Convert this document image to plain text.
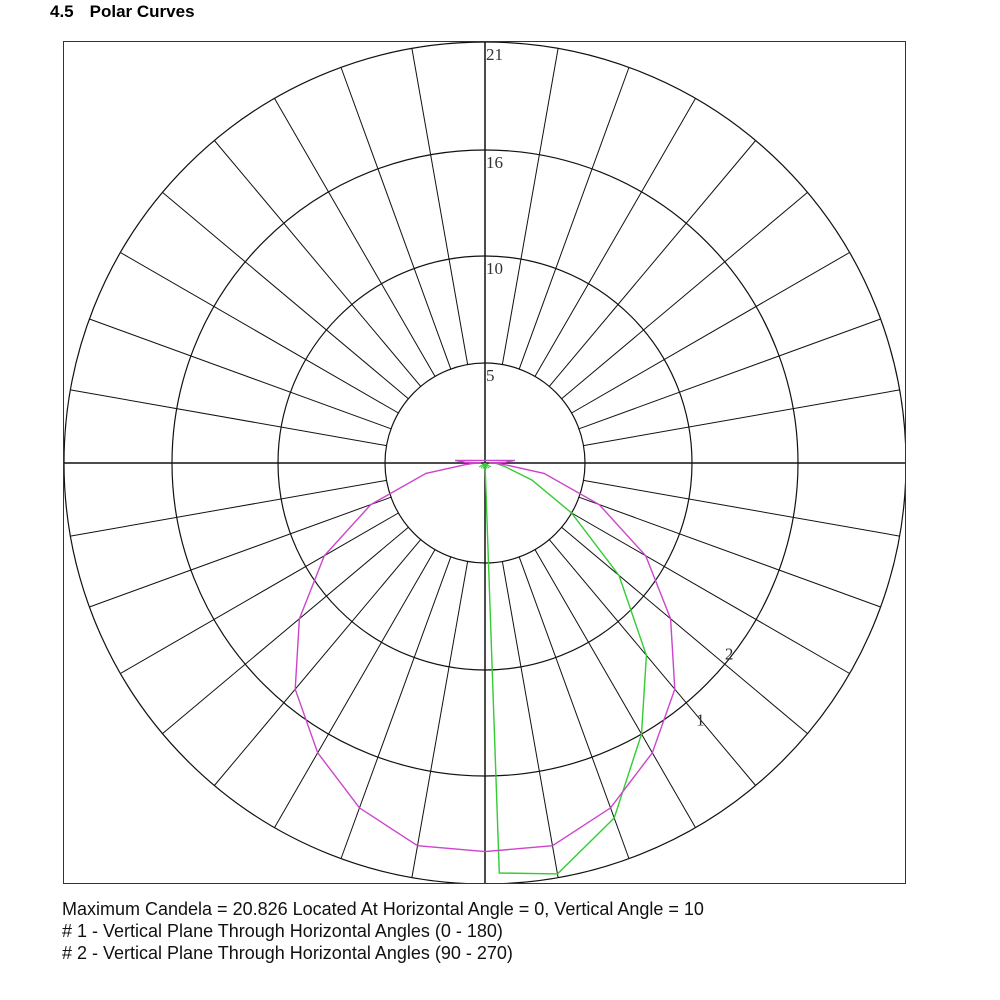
4.5 Polar Curves
5
10
16
21
1
2
Maximum Candela = 20.826 Located At Horizontal Angle = 0, Vertical Angle = 10
# 1 - Vertical Plane Through Horizontal Angles (0 - 180)
# 2 - Vertical Plane Through Horizontal Angles (90 - 270)
